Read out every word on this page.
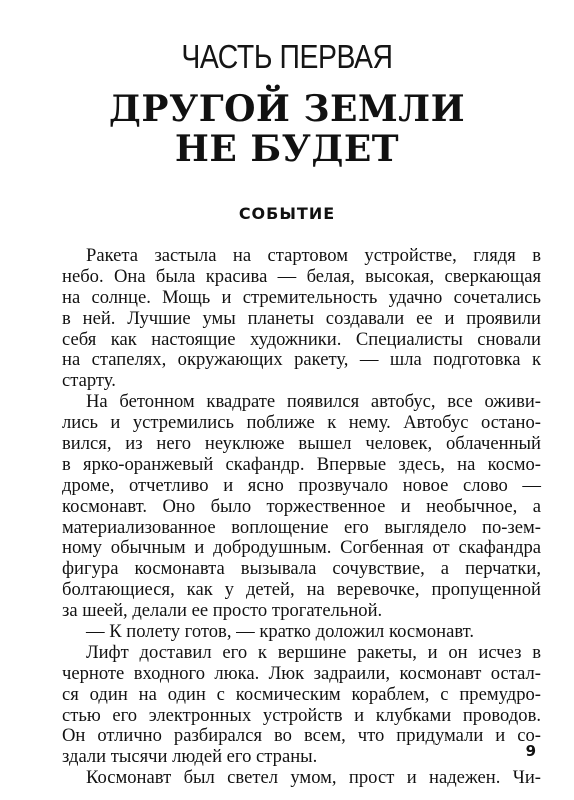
ЧАСТЬ ПЕРВАЯ
ДРУГОЙ ЗЕМЛИ
НЕ БУДЕТ
СОБЫТИЕ
Ракета застыла на стартовом устройстве, глядя в
небо. Она была красива — белая, высокая, сверкающая
на солнце. Мощь и стремительность удачно сочетались
в ней. Лучшие умы планеты создавали ее и проявили
себя как настоящие художники. Специалисты сновали
на стапелях, окружающих ракету, — шла подготовка к
старту.
На бетонном квадрате появился автобус, все оживи-
лись и устремились поближе к нему. Автобус остано-
вился, из него неуклюже вышел человек, облаченный
в ярко-оранжевый скафандр. Впервые здесь, на космо-
дроме, отчетливо и ясно прозвучало новое слово —
космонавт. Оно было торжественное и необычное, а
материализованное воплощение его выглядело по-зем-
ному обычным и добродушным. Согбенная от скафандра
фигура космонавта вызывала сочувствие, а перчатки,
болтающиеся, как у детей, на веревочке, пропущенной
за шеей, делали ее просто трогательной.
— К полету готов, — кратко доложил космонавт.
Лифт доставил его к вершине ракеты, и он исчез в
черноте входного люка. Люк задраили, космонавт остал-
ся один на один с космическим кораблем, с премудро-
стью его электронных устройств и клубками проводов.
Он отлично разбирался во всем, что придумали и со-
здали тысячи людей его страны.
Космонавт был светел умом, прост и надежен. Чи-
9
